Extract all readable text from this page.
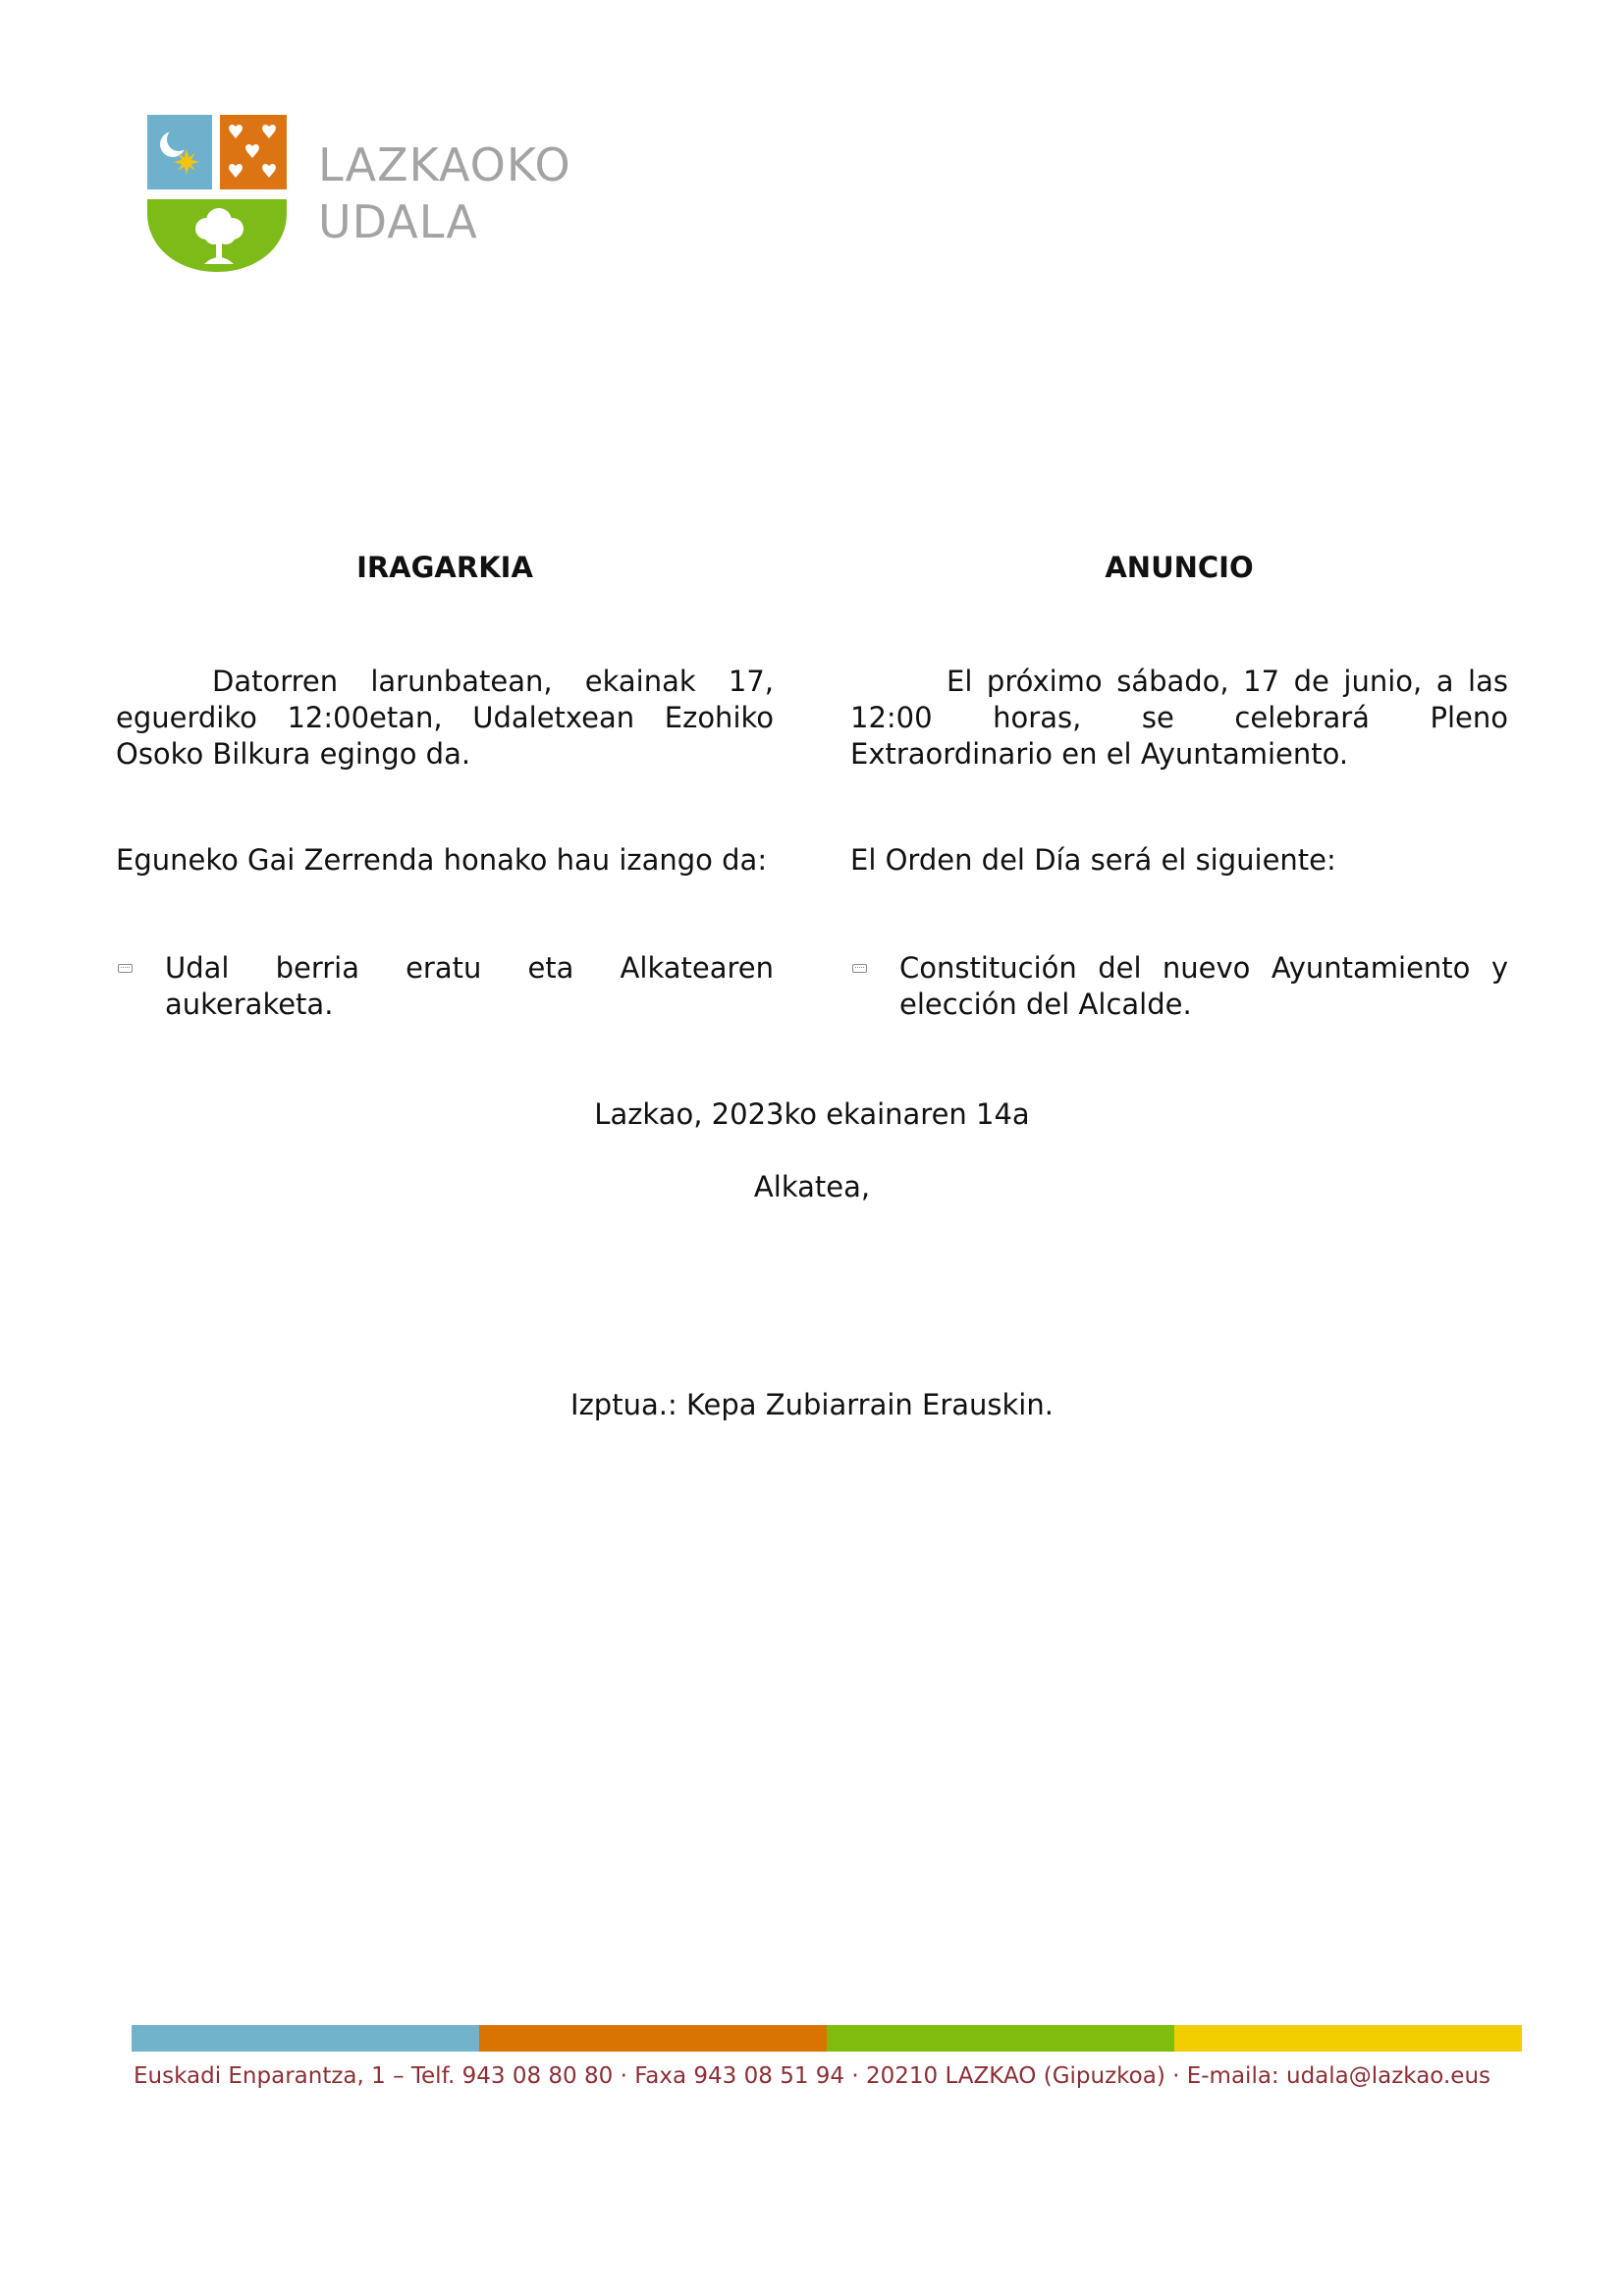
LAZKAOKO
UDALA
IRAGARKIA

Datorren larunbatean, ekainak 17, eguerdiko 12:00etan, Udaletxean Ezohiko Osoko Bilkura egingo da.

Eguneko Gai Zerrenda honako hau izango da:

Udal berria eratu eta Alkatearen aukeraketa.
ANUNCIO

El próximo sábado, 17 de junio, a las 12:00 horas, se celebrará Pleno Extraordinario en el Ayuntamiento.

El Orden del Día será el siguiente:

Constitución del nuevo Ayuntamiento y elección del Alcalde.

Lazkao, 2023ko ekainaren 14a

Alkatea,

Izptua.: Kepa Zubiarrain Erauskin.

Euskadi Enparantza, 1 – Telf. 943 08 80 80 · Faxa 943 08 51 94 · 20210 LAZKAO (Gipuzkoa) · E-maila: udala@lazkao.eus
